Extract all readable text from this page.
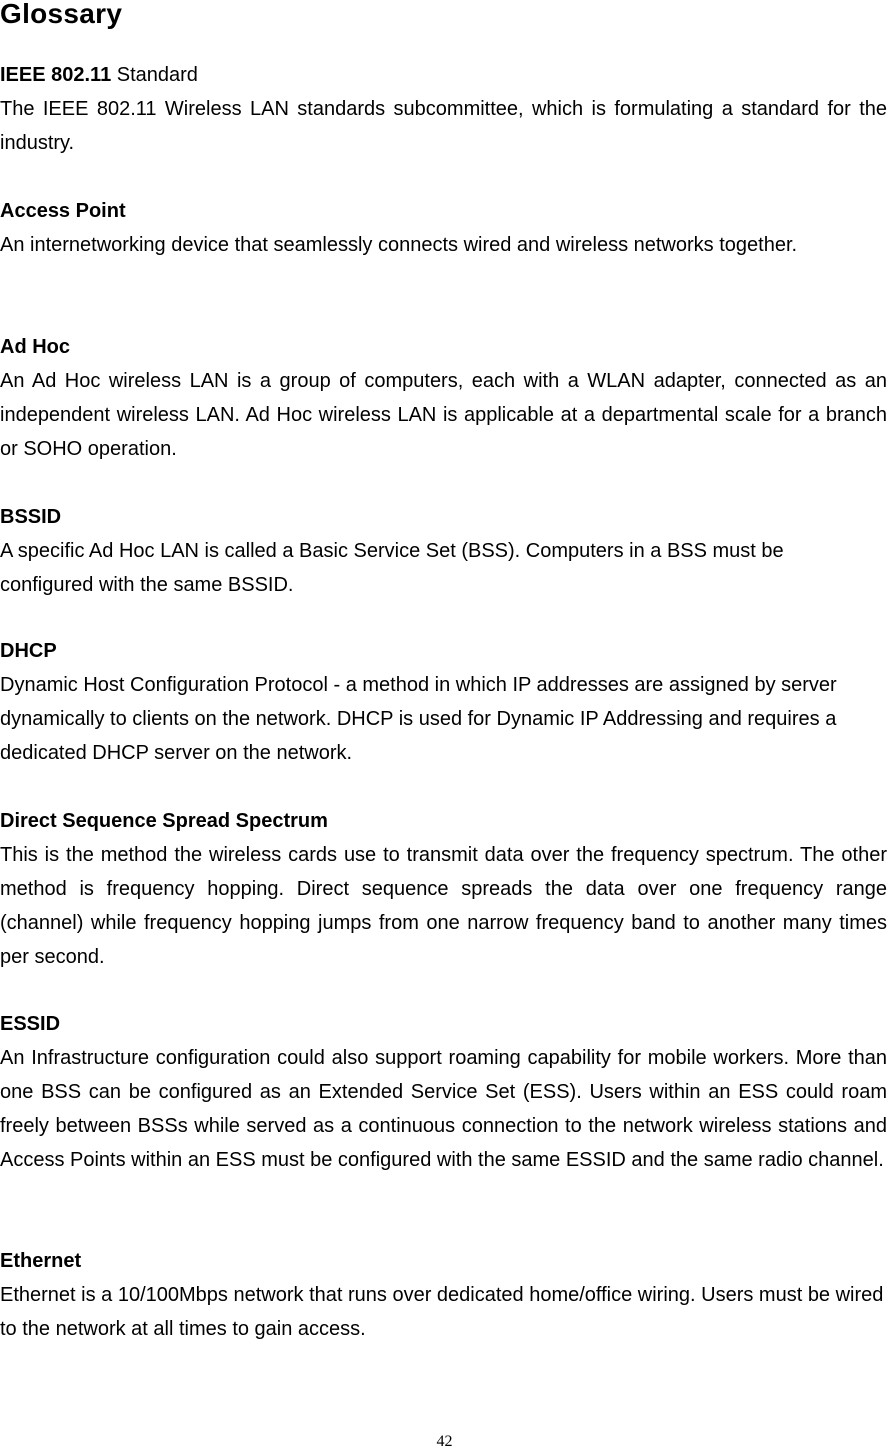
Glossary

IEEE 802.11 Standard

The IEEE 802.11 Wireless LAN standards subcommittee, which is formulating a standard for the industry.

Access Point

An internetworking device that seamlessly connects wired and wireless networks together.

Ad Hoc

An Ad Hoc wireless LAN is a group of computers, each with a WLAN adapter, connected as an independent wireless LAN. Ad Hoc wireless LAN is applicable at a departmental scale for a branch or SOHO operation.

BSSID

A specific Ad Hoc LAN is called a Basic Service Set (BSS). Computers in a BSS must be configured with the same BSSID.

DHCP

Dynamic Host Configuration Protocol - a method in which IP addresses are assigned by server dynamically to clients on the network. DHCP is used for Dynamic IP Addressing and requires a dedicated DHCP server on the network.

Direct Sequence Spread Spectrum

This is the method the wireless cards use to transmit data over the frequency spectrum. The other method is frequency hopping. Direct sequence spreads the data over one frequency range (channel) while frequency hopping jumps from one narrow frequency band to another many times per second.

ESSID

An Infrastructure configuration could also support roaming capability for mobile workers. More than one BSS can be configured as an Extended Service Set (ESS). Users within an ESS could roam freely between BSSs while served as a continuous connection to the network wireless stations and Access Points within an ESS must be configured with the same ESSID and the same radio channel.

Ethernet

Ethernet is a 10/100Mbps network that runs over dedicated home/office wiring. Users must be wired to the network at all times to gain access.

42
